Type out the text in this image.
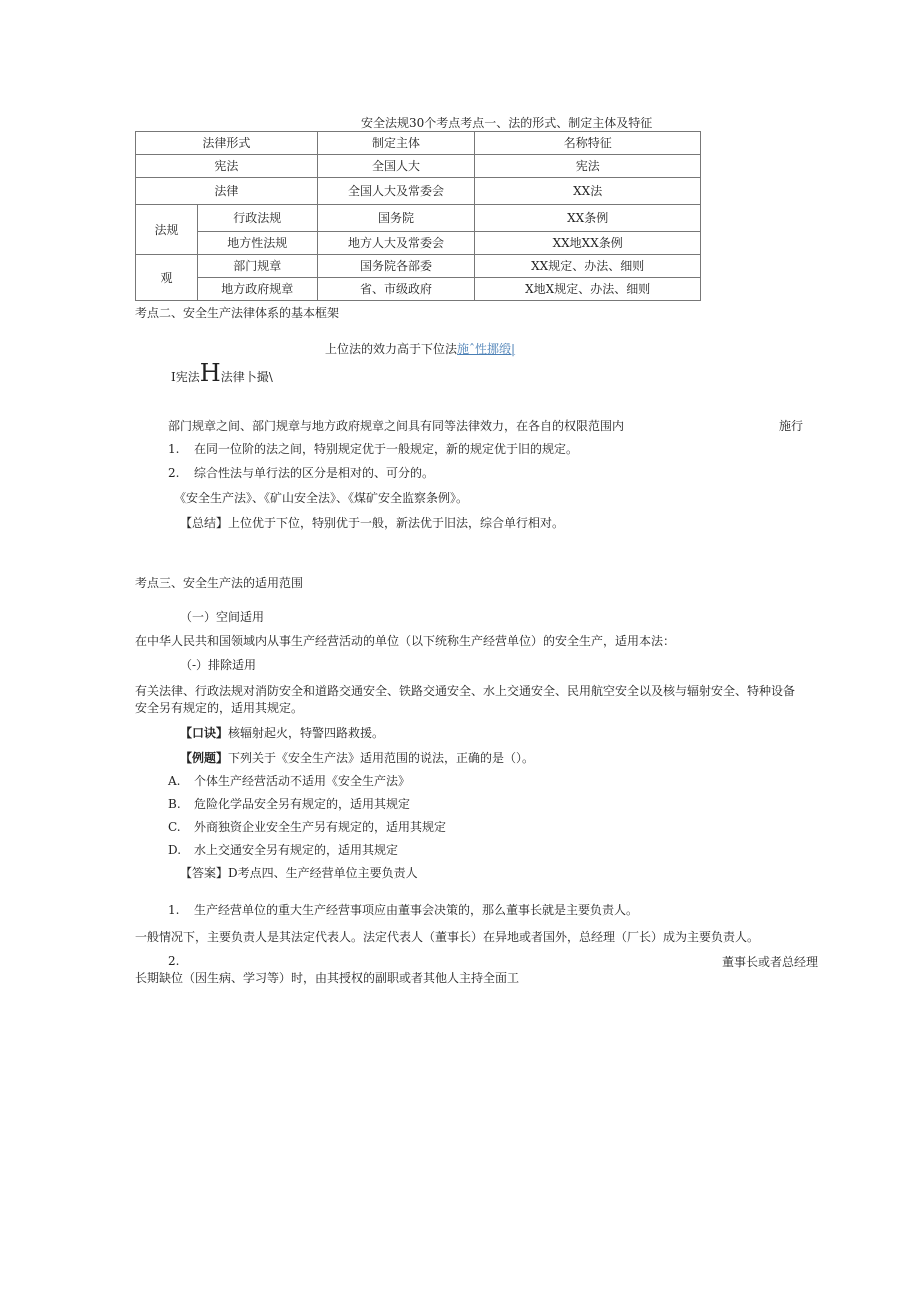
安全法规30个考点考点一、法的形式、制定主体及特征
法律形式		制定主体	名称特征
宪法		全国人大	宪法
法律		全国人大及常委会	XX法
法规	行政法规	国务院	XX条例
	地方性法规	地方人大及常委会	XX地XX条例
观	部门规章	国务院各部委	XX规定、办法、细则
	地方政府规章	省、市级政府	X地X规定、办法、细则
考点二、安全生产法律体系的基本框架
上位法的效力高于下位法施ˆ性挪缎|
I宪法H法律卜撮\
部门规章之间、部门规章与地方政府规章之间具有同等法律效力，在各自的权限范围内	施行
1. 在同一位阶的法之间，特别规定优于一般规定，新的规定优于旧的规定。
2. 综合性法与单行法的区分是相对的、可分的。
《安全生产法》、《矿山安全法》、《煤矿安全监察条例》。
【总结】上位优于下位，特别优于一般，新法优于旧法，综合单行相对。
考点三、安全生产法的适用范围
（一）空间适用
在中华人民共和国领域内从事生产经营活动的单位（以下统称生产经营单位）的安全生产，适用本法：
（-）排除适用
有关法律、行政法规对消防安全和道路交通安全、铁路交通安全、水上交通安全、民用航空安全以及核与辐射安全、特种设备
安全另有规定的，适用其规定。
【口诀】核辐射起火，特警四路救援。
【例题】下列关于《安全生产法》适用范围的说法，正确的是（）。
A. 个体生产经营活动不适用《安全生产法》
B. 危险化学品安全另有规定的，适用其规定
C. 外商独资企业安全生产另有规定的，适用其规定
D. 水上交通安全另有规定的，适用其规定
【答案】D考点四、生产经营单位主要负责人
1. 生产经营单位的重大生产经营事项应由董事会决策的，那么董事长就是主要负责人。
一般情况下，主要负责人是其法定代表人。法定代表人（董事长）在异地或者国外，总经理（厂长）成为主要负责人。
2.	董事长或者总经理
长期缺位（因生病、学习等）时，由其授权的副职或者其他人主持全面工
